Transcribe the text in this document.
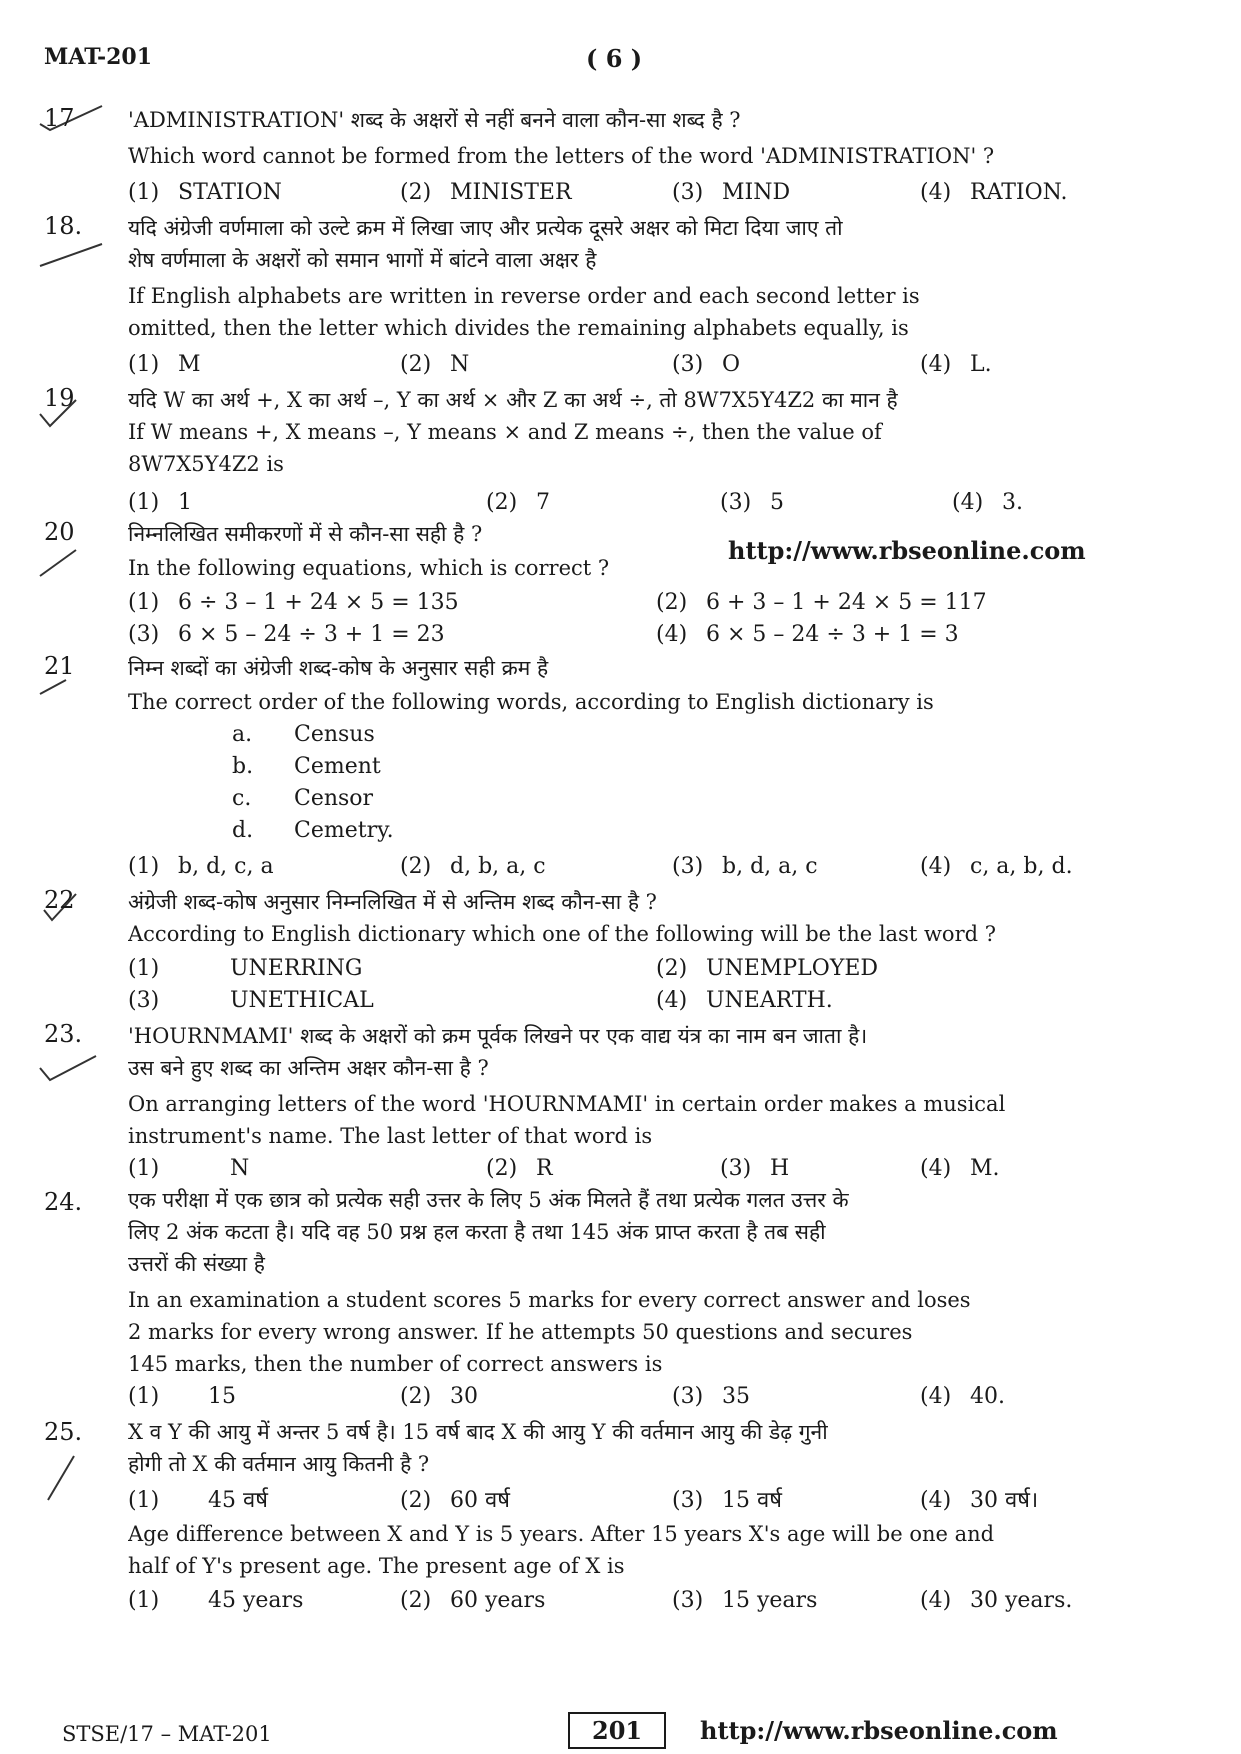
MAT-201	( 6 )
17	'ADMINISTRATION' शब्द के अक्षरों से नहीं बनने वाला कौन-सा शब्द है ?
Which word cannot be formed from the letters of the word 'ADMINISTRATION' ?
(1) STATION	(2) MINISTER	(3) MIND	(4) RATION.
18.	यदि अंग्रेजी वर्णमाला को उल्टे क्रम में लिखा जाए और प्रत्येक दूसरे अक्षर को मिटा दिया जाए तो
शेष वर्णमाला के अक्षरों को समान भागों में बांटने वाला अक्षर है
If English alphabets are written in reverse order and each second letter is
omitted, then the letter which divides the remaining alphabets equally, is
(1) M	(2) N	(3) O	(4) L.
19	यदि W का अर्थ +, X का अर्थ –, Y का अर्थ × और Z का अर्थ ÷, तो 8W7X5Y4Z2 का मान है
If W means +, X means –, Y means × and Z means ÷, then the value of
8W7X5Y4Z2 is
(1) 1	(2) 7	(3) 5	(4) 3.
20	निम्नलिखित समीकरणों में से कौन-सा सही है ?
http://www.rbseonline.com
In the following equations, which is correct ?
(1) 6 ÷ 3 – 1 + 24 × 5 = 135	(2) 6 + 3 – 1 + 24 × 5 = 117
(3) 6 × 5 – 24 ÷ 3 + 1 = 23	(4) 6 × 5 – 24 ÷ 3 + 1 = 3
21	निम्न शब्दों का अंग्रेजी शब्द-कोष के अनुसार सही क्रम है
The correct order of the following words, according to English dictionary is
a. Census
b. Cement
c. Censor
d. Cemetry.
(1) b, d, c, a	(2) d, b, a, c	(3) b, d, a, c	(4) c, a, b, d.
22	अंग्रेजी शब्द-कोष अनुसार निम्नलिखित में से अन्तिम शब्द कौन-सा है ?
According to English dictionary which one of the following will be the last word ?
(1)	UNERRING	(2) UNEMPLOYED
(3)	UNETHICAL	(4) UNEARTH.
23.	'HOURNMAMI' शब्द के अक्षरों को क्रम पूर्वक लिखने पर एक वाद्य यंत्र का नाम बन जाता है।
उस बने हुए शब्द का अन्तिम अक्षर कौन-सा है ?
On arranging letters of the word 'HOURNMAMI' in certain order makes a musical
instrument's name. The last letter of that word is
(1)	N	(2) R	(3) H	(4) M.
24.	एक परीक्षा में एक छात्र को प्रत्येक सही उत्तर के लिए 5 अंक मिलते हैं तथा प्रत्येक गलत उत्तर के
लिए 2 अंक कटता है। यदि वह 50 प्रश्न हल करता है तथा 145 अंक प्राप्त करता है तब सही
उत्तरों की संख्या है
In an examination a student scores 5 marks for every correct answer and loses
2 marks for every wrong answer. If he attempts 50 questions and secures
145 marks, then the number of correct answers is
(1) 15	(2) 30	(3) 35	(4) 40.
25.	X व Y की आयु में अन्तर 5 वर्ष है। 15 वर्ष बाद X की आयु Y की वर्तमान आयु की डेढ़ गुनी
होगी तो X की वर्तमान आयु कितनी है ?
(1) 45 वर्ष	(2) 60 वर्ष	(3) 15 वर्ष	(4) 30 वर्ष।
Age difference between X and Y is 5 years. After 15 years X's age will be one and
half of Y's present age. The present age of X is
(1) 45 years	(2) 60 years	(3) 15 years	(4) 30 years.
STSE/17 – MAT-201	201	http://www.rbseonline.com
